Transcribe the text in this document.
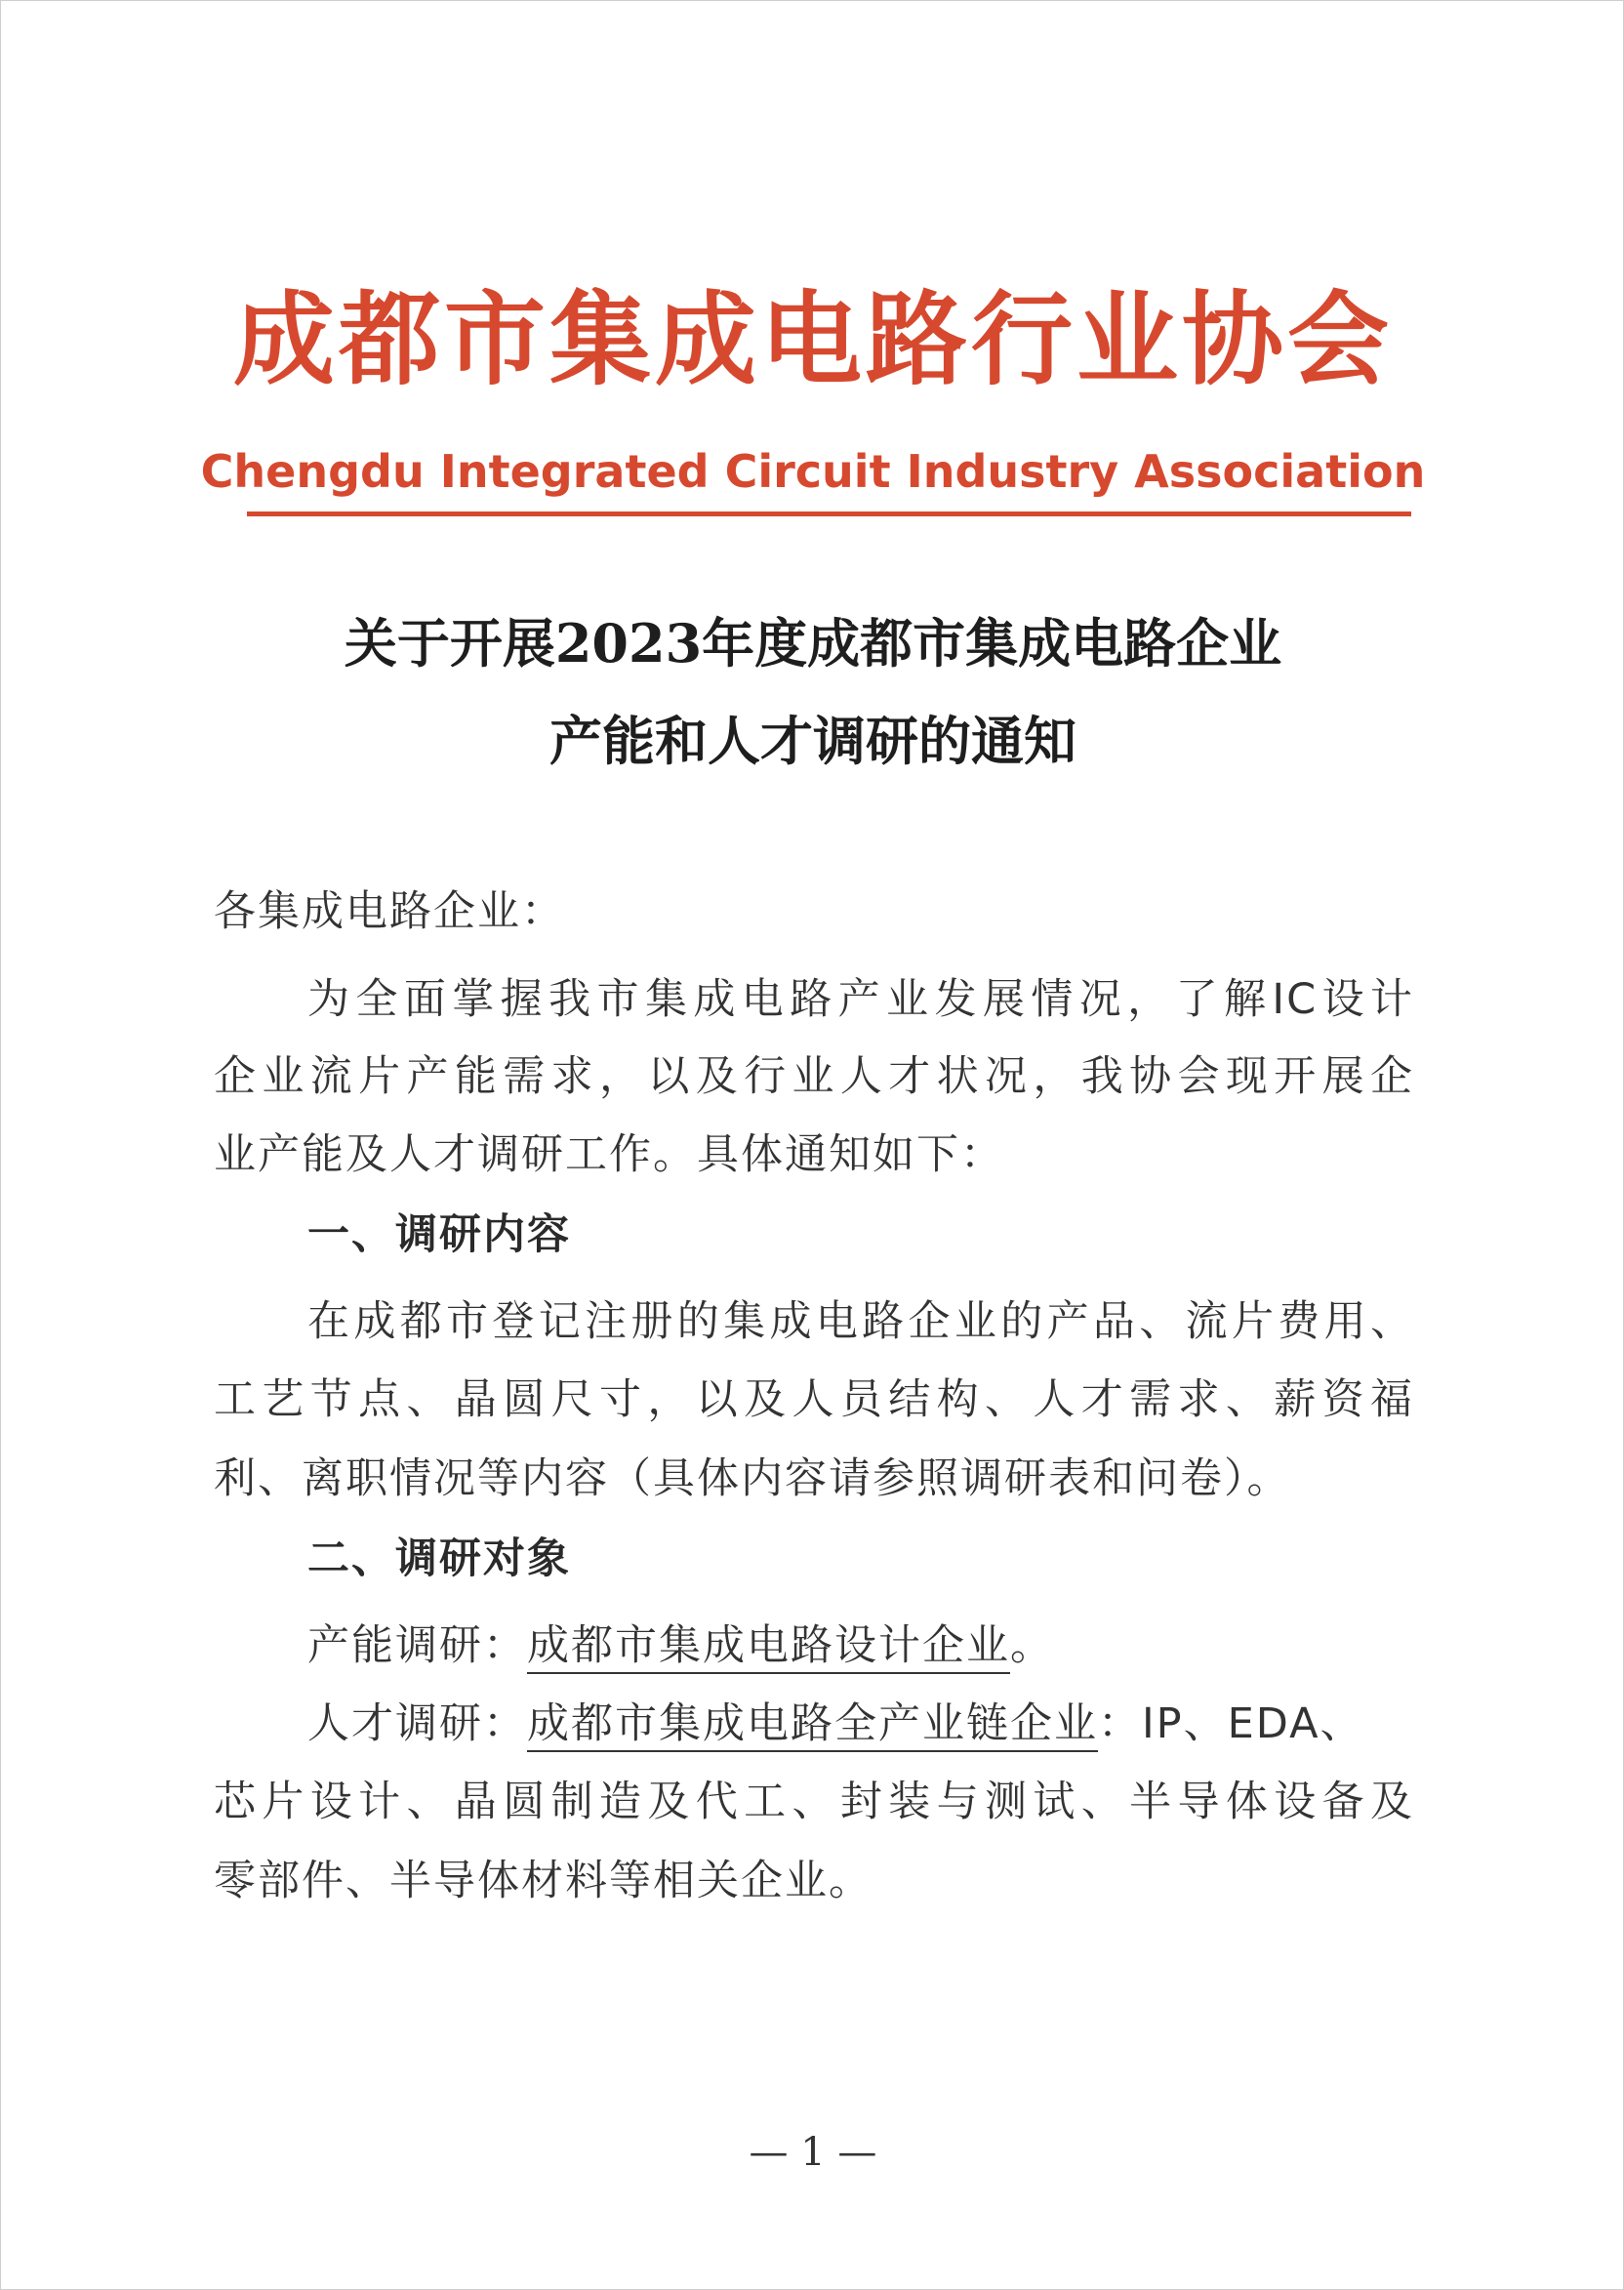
成都市集成电路行业协会
Chengdu Integrated Circuit Industry Association
关于开展2023年度成都市集成电路企业
产能和人才调研的通知
各集成电路企业：
为全面掌握我市集成电路产业发展情况，了解IC设计
企业流片产能需求，以及行业人才状况，我协会现开展企
业产能及人才调研工作。具体通知如下：
一、调研内容
在成都市登记注册的集成电路企业的产品、流片费用、
工艺节点、晶圆尺寸，以及人员结构、人才需求、薪资福
利、离职情况等内容（具体内容请参照调研表和问卷）。
二、调研对象
产能调研：成都市集成电路设计企业。
人才调研：成都市集成电路全产业链企业：IP、EDA、
芯片设计、晶圆制造及代工、封装与测试、半导体设备及
零部件、半导体材料等相关企业。
— 1 —
